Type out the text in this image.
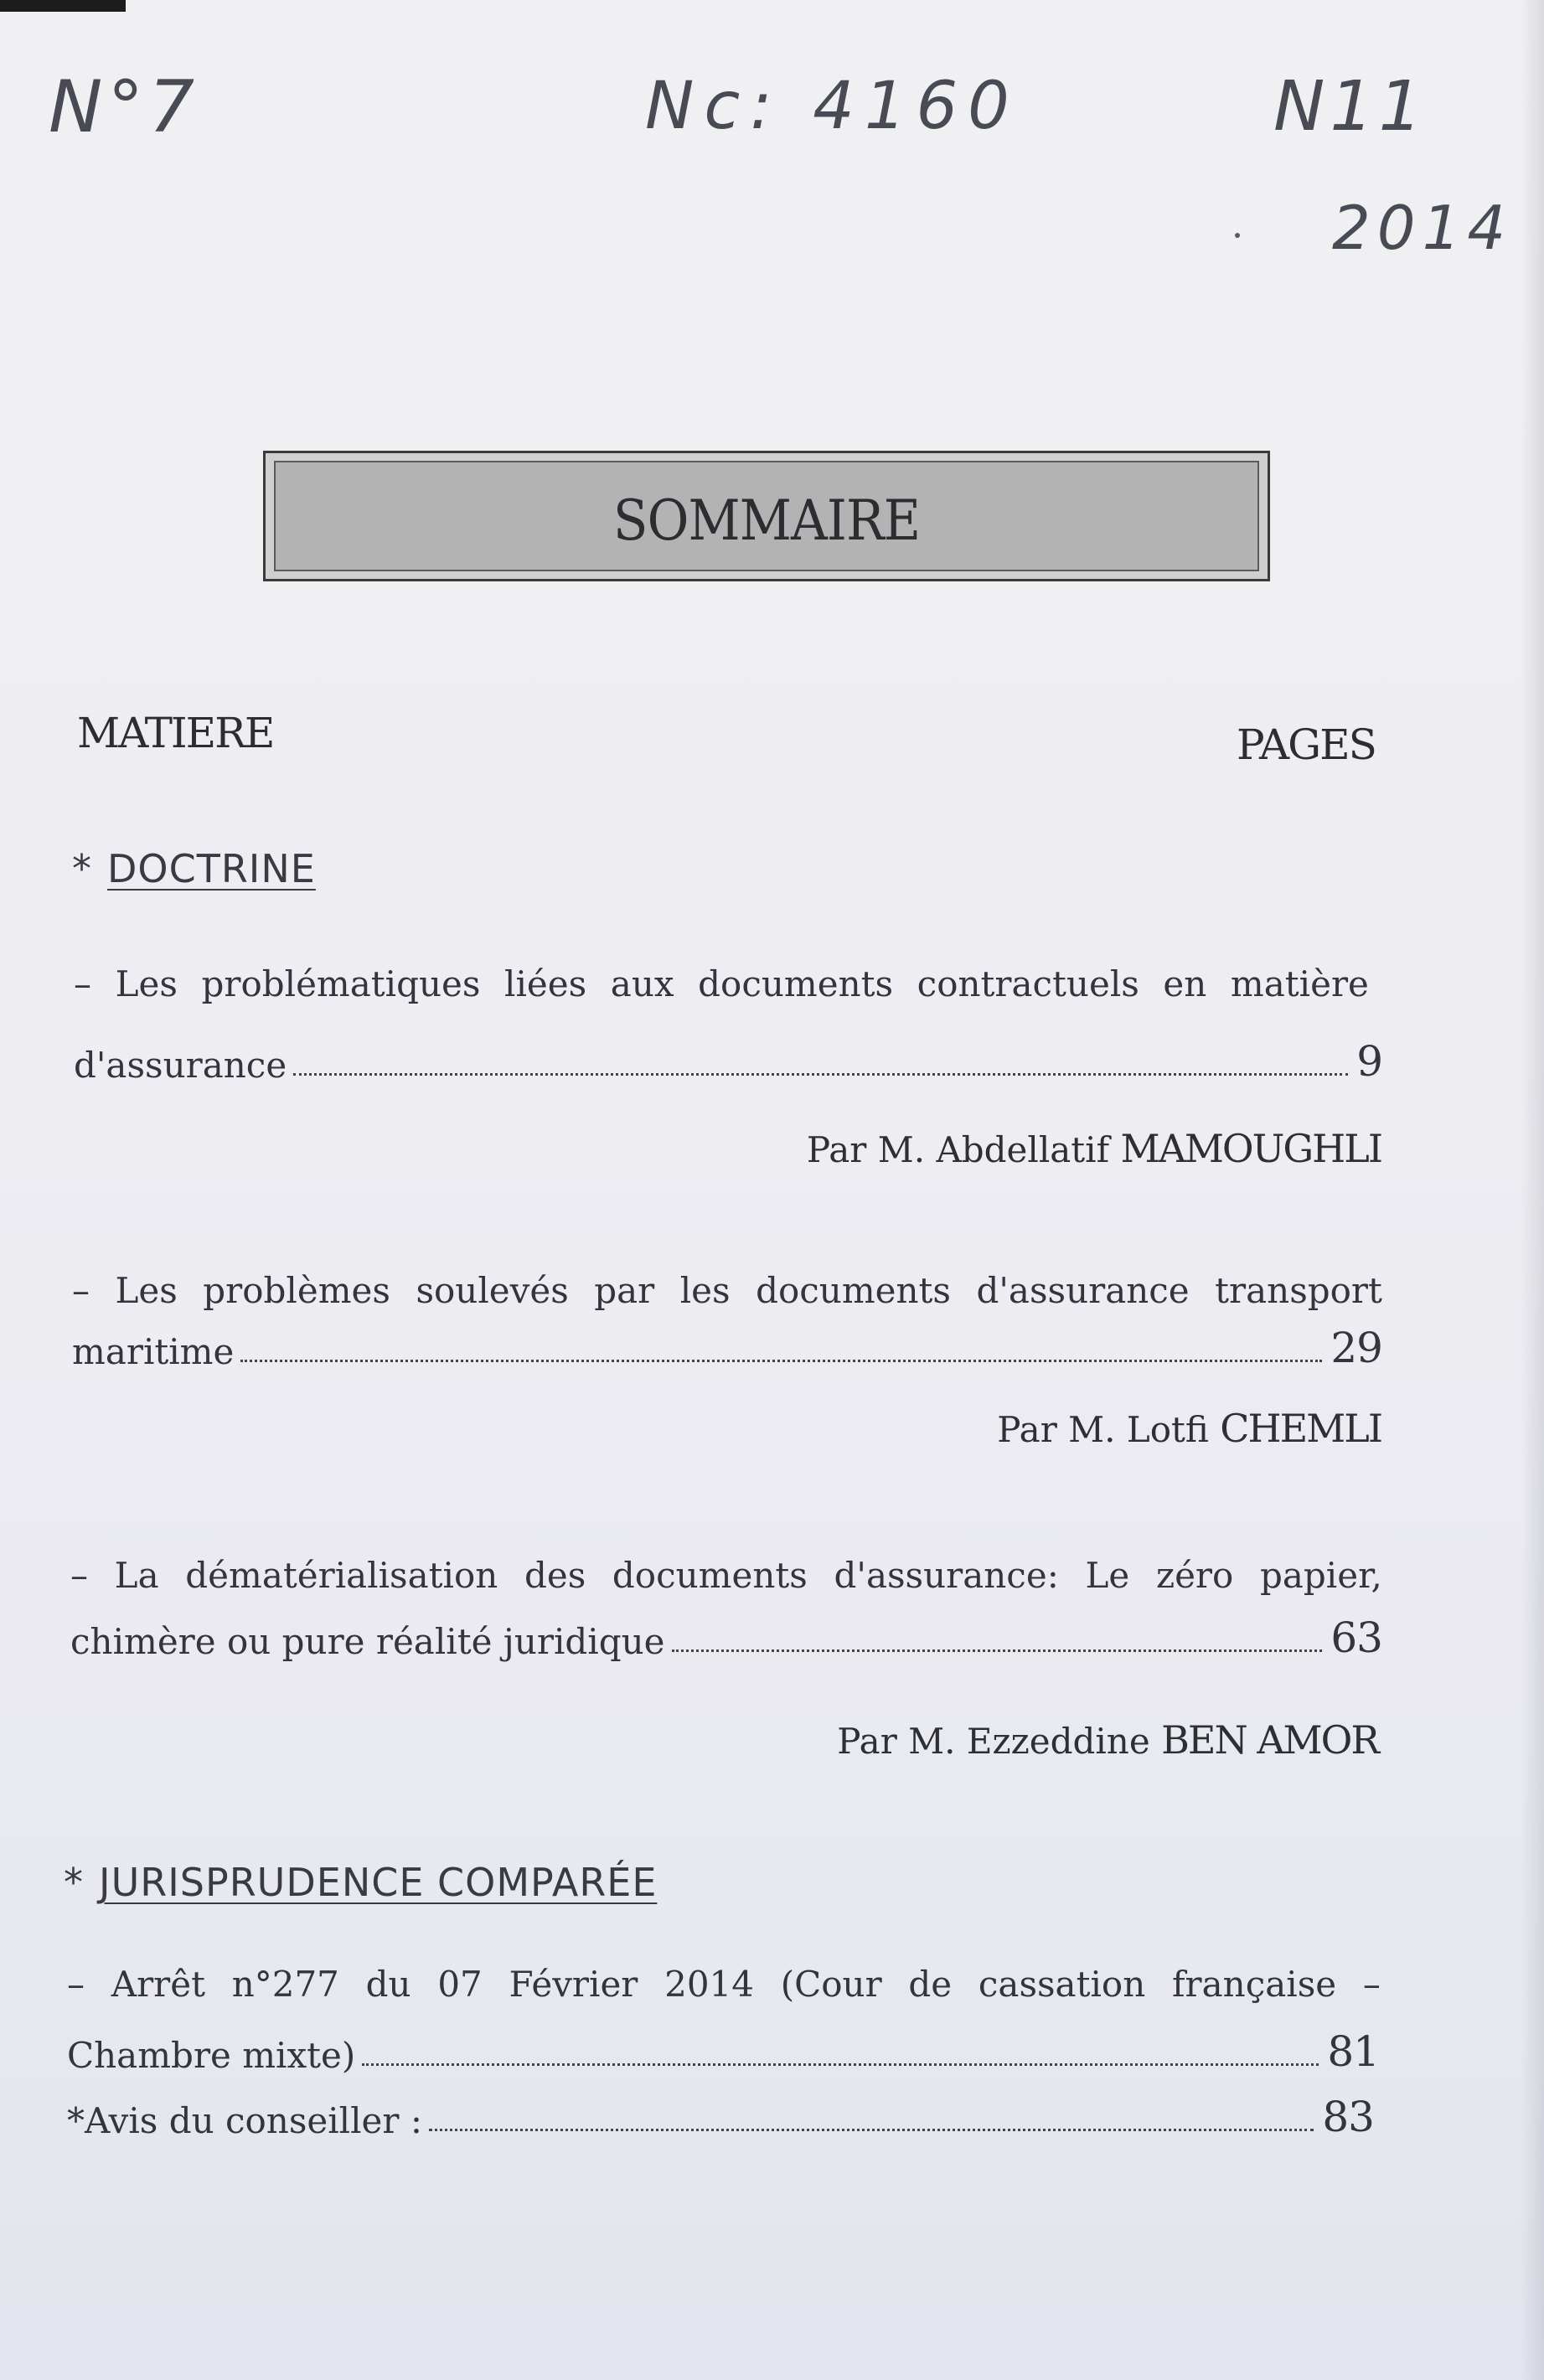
N°7	Nc: 4160	N11
2014
SOMMAIRE
MATIERE	PAGES
* DOCTRINE
– Les problématiques liées aux documents contractuels en matière
d'assurance	9
Par M. Abdellatif MAMOUGHLI
– Les problèmes soulevés par les documents d'assurance transport
maritime	29
Par M. Lotfi CHEMLI
– La dématérialisation des documents d'assurance: Le zéro papier,
chimère ou pure réalité juridique	63
Par M. Ezzeddine BEN AMOR
* JURISPRUDENCE COMPARÉE
– Arrêt n°277 du 07 Février 2014 (Cour de cassation française –
Chambre mixte)	81
*Avis du conseiller :	83
